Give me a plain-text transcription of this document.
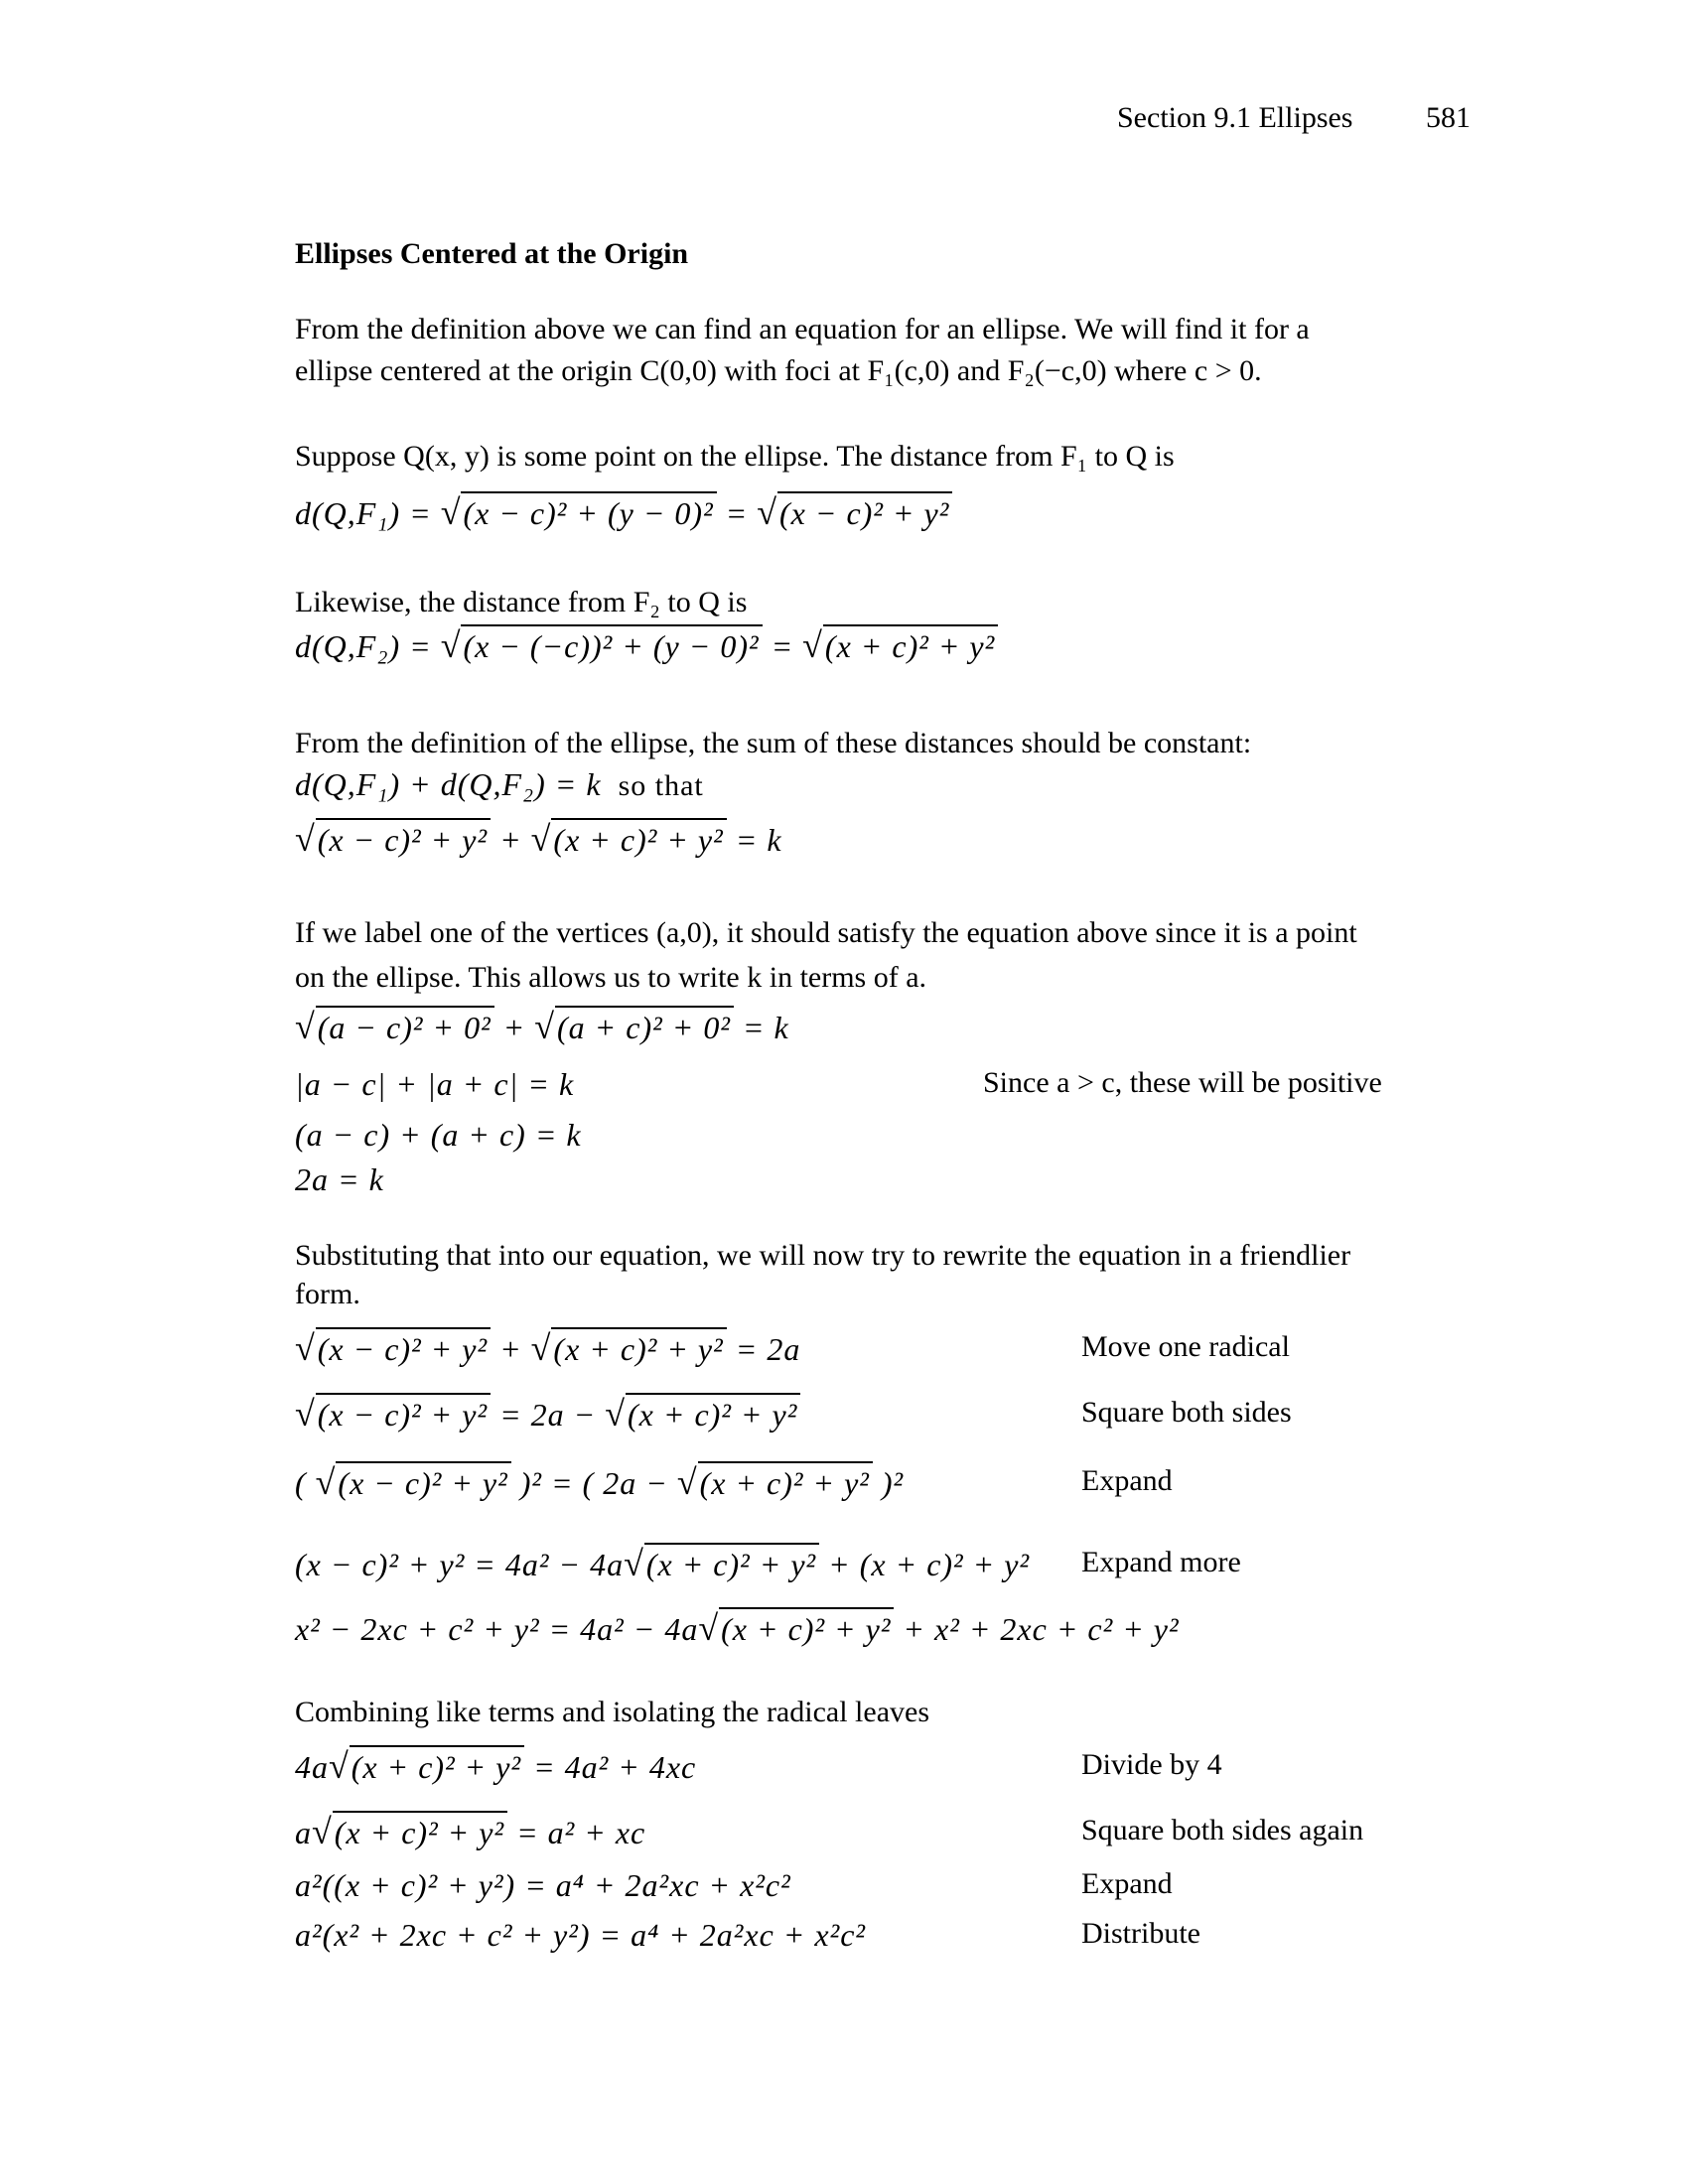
Section 9.1 Ellipses 581
Ellipses Centered at the Origin
From the definition above we can find an equation for an ellipse. We will find it for a
ellipse centered at the origin C(0,0) with foci at F₁(c,0) and F₂(−c,0) where c > 0.
Suppose Q(x, y) is some point on the ellipse. The distance from F₁ to Q is
d(Q,F₁) = √(x − c)² + (y − 0)² = √(x − c)² + y²
Likewise, the distance from F₂ to Q is
d(Q,F₂) = √(x − (−c))² + (y − 0)² = √(x + c)² + y²
From the definition of the ellipse, the sum of these distances should be constant:
d(Q,F₁) + d(Q,F₂) = k  so that
√(x − c)² + y² + √(x + c)² + y² = k
If we label one of the vertices (a,0), it should satisfy the equation above since it is a point
on the ellipse. This allows us to write k in terms of a.
√(a − c)² + 0² + √(a + c)² + 0² = k
|a − c| + |a + c| = k	Since a > c, these will be positive
(a − c) + (a + c) = k
2a = k
Substituting that into our equation, we will now try to rewrite the equation in a friendlier
form.
√(x − c)² + y² + √(x + c)² + y² = 2a	Move one radical
√(x − c)² + y² = 2a − √(x + c)² + y²	Square both sides
( √(x − c)² + y² )² = ( 2a − √(x + c)² + y² )²	Expand
(x − c)² + y² = 4a² − 4a√(x + c)² + y² + (x + c)² + y² Expand more
x² − 2xc + c² + y² = 4a² − 4a√(x + c)² + y² + x² + 2xc + c² + y²
Combining like terms and isolating the radical leaves
4a√(x + c)² + y² = 4a² + 4xc	Divide by 4
a√(x + c)² + y² = a² + xc	Square both sides again
a²((x + c)² + y²) = a⁴ + 2a²xc + x²c²	Expand
a²(x² + 2xc + c² + y²) = a⁴ + 2a²xc + x²c²	Distribute
